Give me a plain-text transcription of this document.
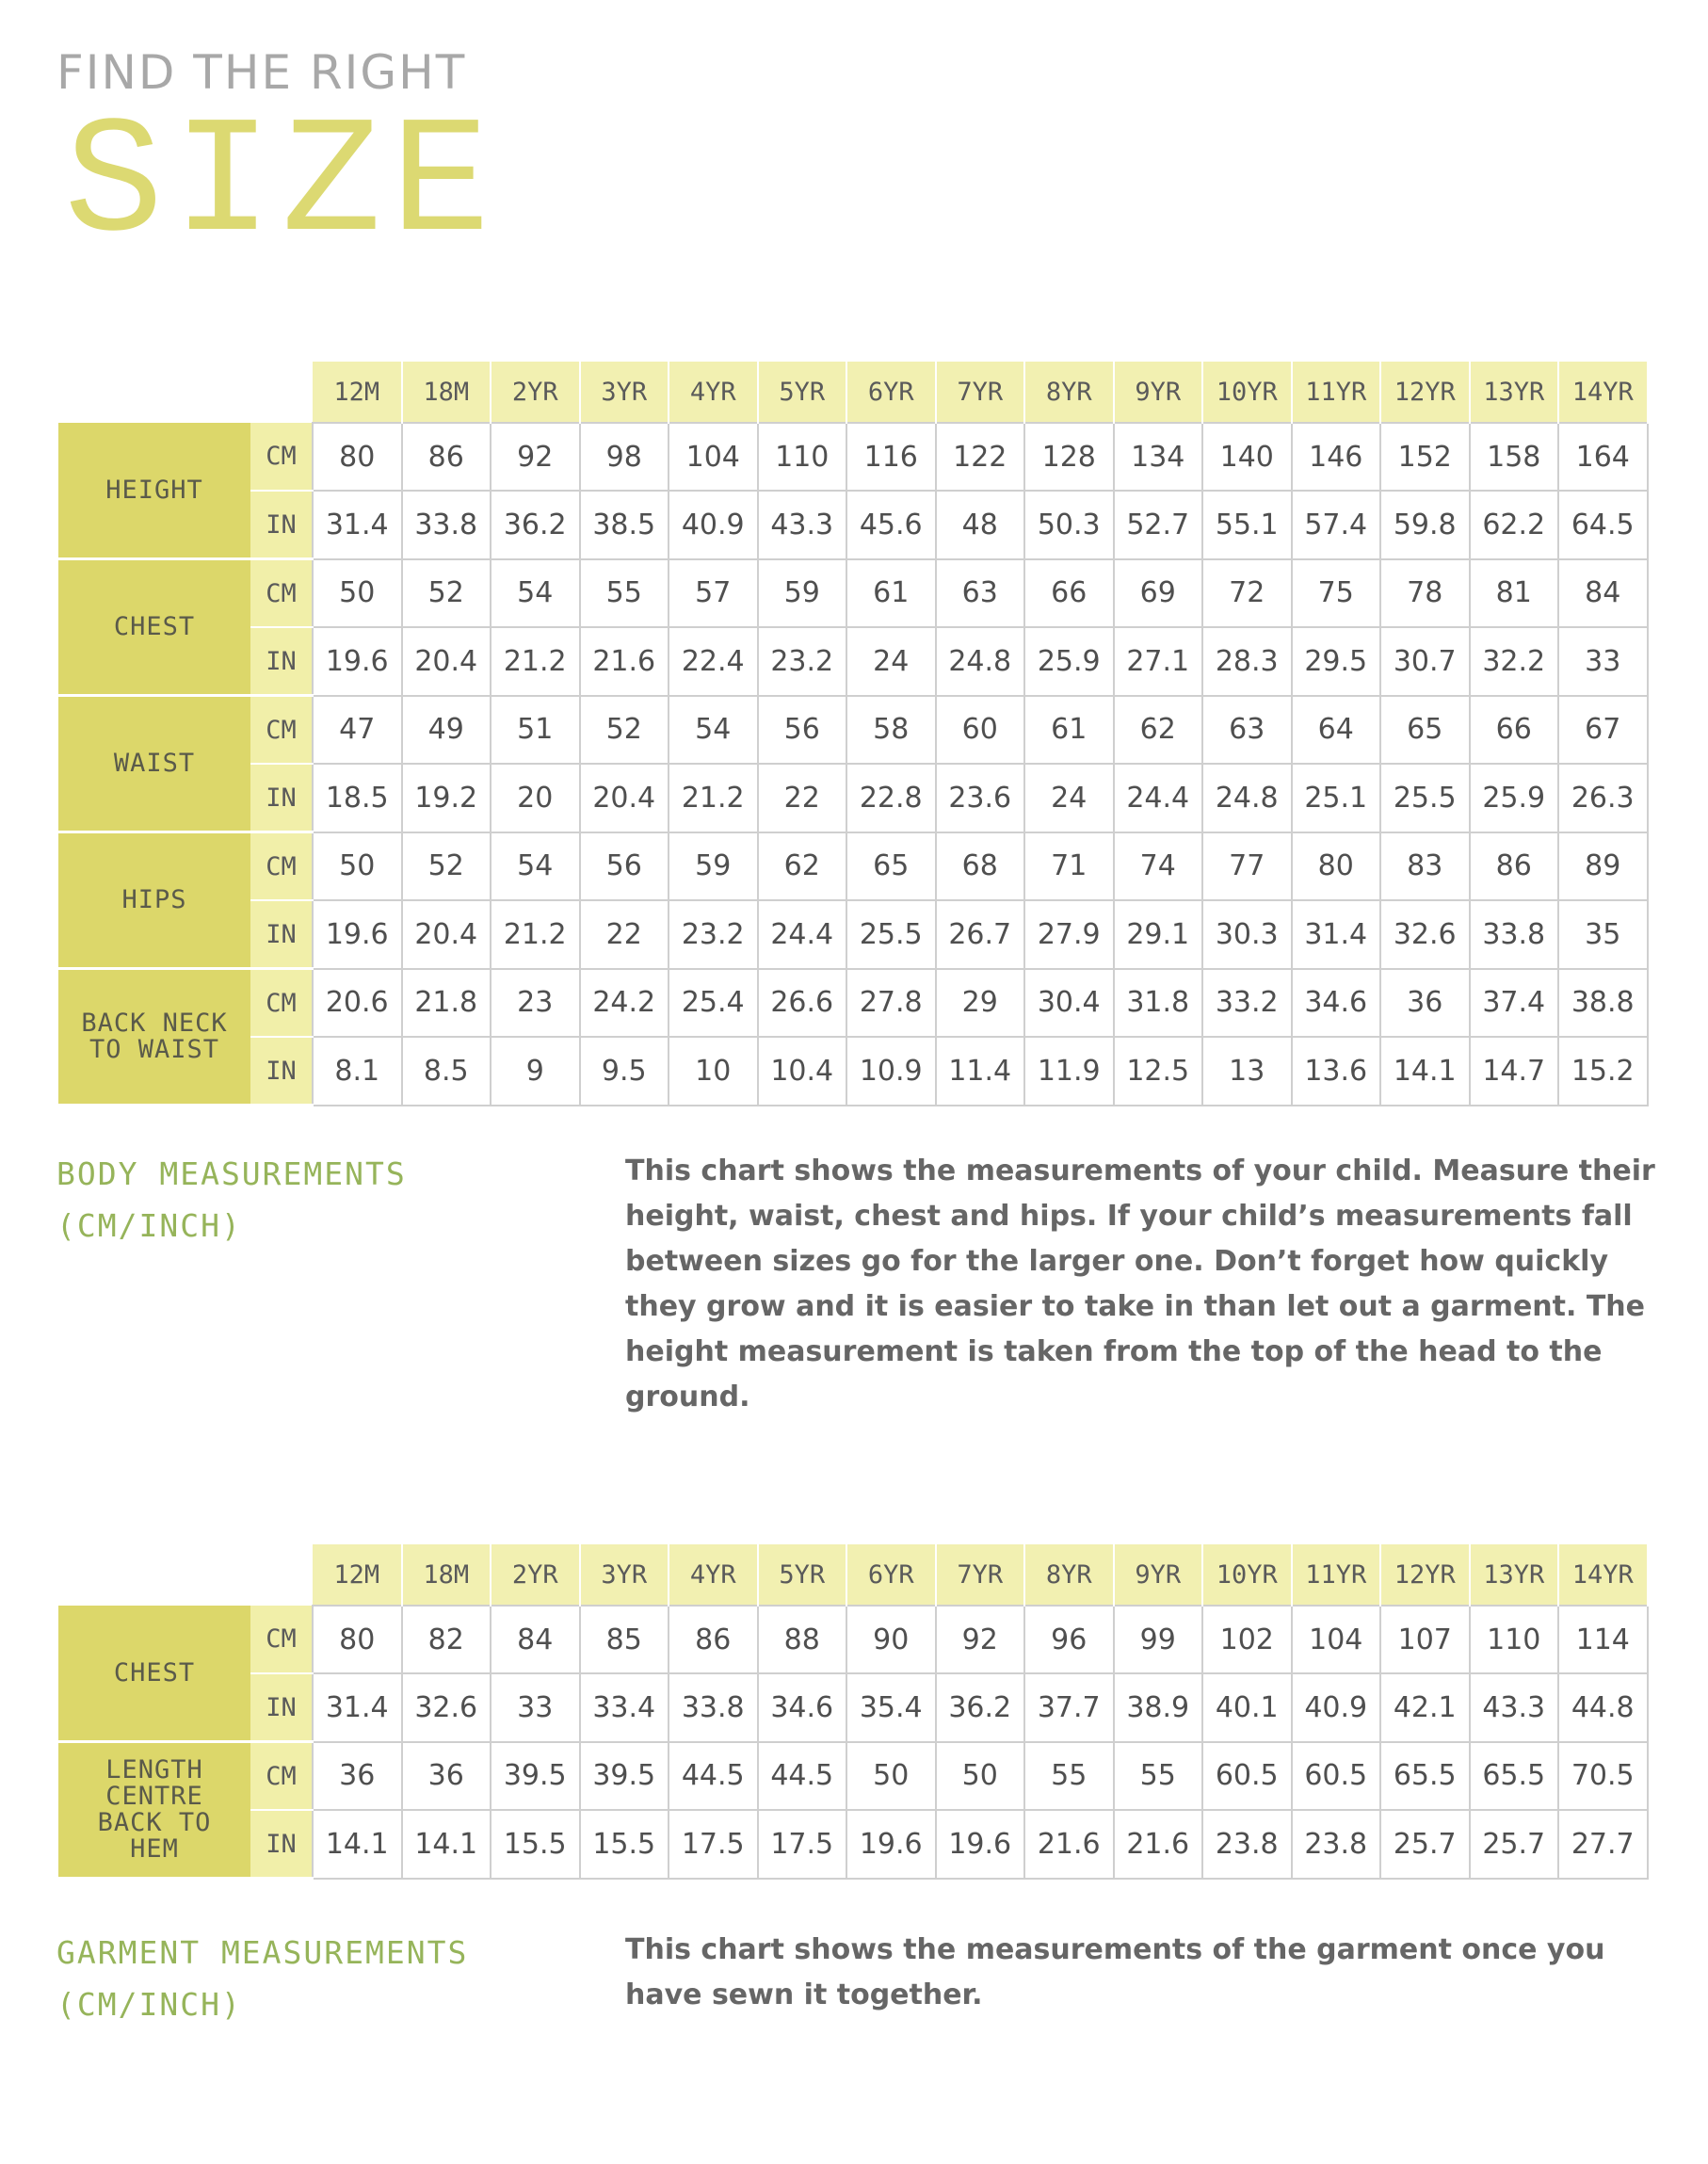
FIND THE RIGHT
SIZE
		12M	18M	2YR	3YR	4YR	5YR	6YR	7YR	8YR	9YR	10YR	11YR	12YR	13YR	14YR
HEIGHT	CM	80	86	92	98	104	110	116	122	128	134	140	146	152	158	164
	IN	31.4	33.8	36.2	38.5	40.9	43.3	45.6	48	50.3	52.7	55.1	57.4	59.8	62.2	64.5
CHEST	CM	50	52	54	55	57	59	61	63	66	69	72	75	78	81	84
	IN	19.6	20.4	21.2	21.6	22.4	23.2	24	24.8	25.9	27.1	28.3	29.5	30.7	32.2	33
WAIST	CM	47	49	51	52	54	56	58	60	61	62	63	64	65	66	67
	IN	18.5	19.2	20	20.4	21.2	22	22.8	23.6	24	24.4	24.8	25.1	25.5	25.9	26.3
HIPS	CM	50	52	54	56	59	62	65	68	71	74	77	80	83	86	89
	IN	19.6	20.4	21.2	22	23.2	24.4	25.5	26.7	27.9	29.1	30.3	31.4	32.6	33.8	35
BACK NECK
TO WAIST	CM	20.6	21.8	23	24.2	25.4	26.6	27.8	29	30.4	31.8	33.2	34.6	36	37.4	38.8
	IN	8.1	8.5	9	9.5	10	10.4	10.9	11.4	11.9	12.5	13	13.6	14.1	14.7	15.2
BODY MEASUREMENTS
(CM/INCH)
This chart shows the measurements of your child. Measure their height, waist, chest and hips. If your child’s measurements fall between sizes go for the larger one. Don’t forget how quickly they grow and it is easier to take in than let out a garment. The height measurement is taken from the top of the head to the ground.
		12M	18M	2YR	3YR	4YR	5YR	6YR	7YR	8YR	9YR	10YR	11YR	12YR	13YR	14YR
CHEST	CM	80	82	84	85	86	88	90	92	96	99	102	104	107	110	114
	IN	31.4	32.6	33	33.4	33.8	34.6	35.4	36.2	37.7	38.9	40.1	40.9	42.1	43.3	44.8
LENGTH
CENTRE
BACK TO
HEM	CM	36	36	39.5	39.5	44.5	44.5	50	50	55	55	60.5	60.5	65.5	65.5	70.5
	IN	14.1	14.1	15.5	15.5	17.5	17.5	19.6	19.6	21.6	21.6	23.8	23.8	25.7	25.7	27.7
GARMENT MEASUREMENTS
(CM/INCH)
This chart shows the measurements of the garment once you have sewn it together.
